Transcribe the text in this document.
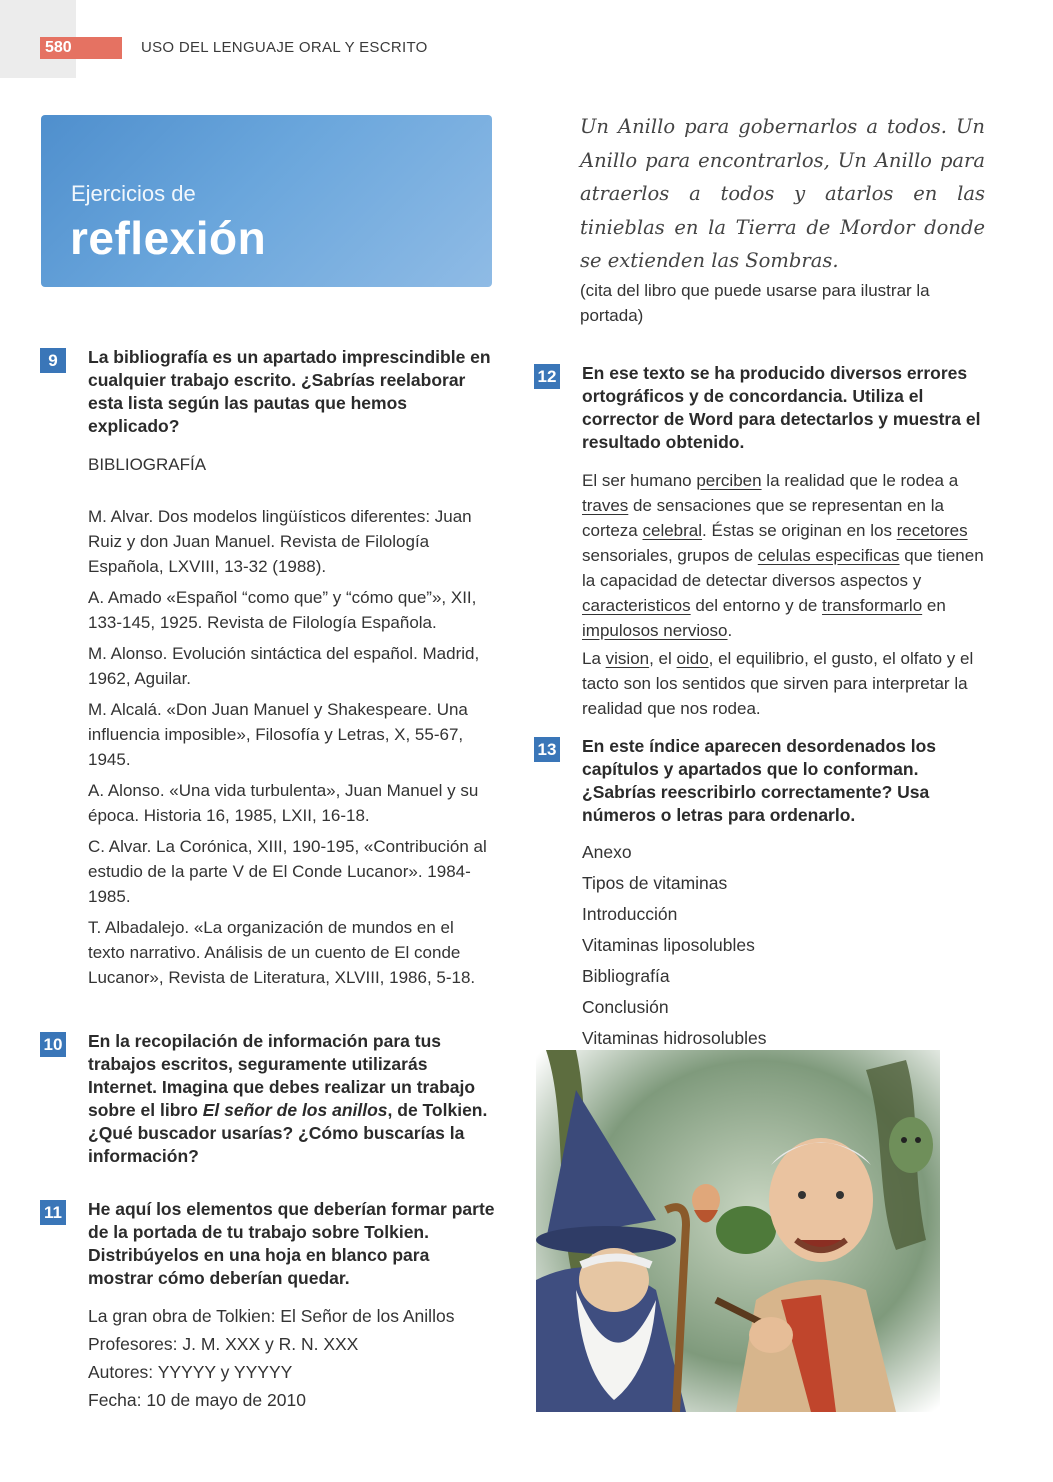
580	USO DEL LENGUAJE ORAL Y ESCRITO
Ejercicios de
reflexión
9	La bibliografía es un apartado imprescindible en cualquier trabajo escrito. ¿Sabrías reelaborar esta lista según las pautas que hemos explicado?
BIBLIOGRAFÍA

M. Alvar. Dos modelos lingüísticos diferentes: Juan Ruiz y don Juan Manuel. Revista de Filología Española, LXVIII, 13-32 (1988).

A. Amado «Español “como que” y “cómo que”», XII, 133-145, 1925. Revista de Filología Española.

M. Alonso. Evolución sintáctica del español. Madrid, 1962, Aguilar.

M. Alcalá. «Don Juan Manuel y Shakespeare. Una influencia imposible», Filosofía y Letras, X, 55-67, 1945.

A. Alonso. «Una vida turbulenta», Juan Manuel y su época. Historia 16, 1985, LXII, 16-18.

C. Alvar. La Corónica, XIII, 190-195, «Contribución al estudio de la parte V de El Conde Lucanor». 1984-1985.

T. Albadalejo. «La organización de mundos en el texto narrativo. Análisis de un cuento de El conde Lucanor», Revista de Literatura, XLVIII, 1986, 5-18.

10 En la recopilación de información para tus trabajos escritos, seguramente utilizarás Internet. Imagina que debes realizar un trabajo sobre el libro El señor de los anillos, de Tolkien. ¿Qué buscador usarías? ¿Cómo buscarías la información?
11 He aquí los elementos que deberían formar parte de la portada de tu trabajo sobre Tolkien. Distribúyelos en una hoja en blanco para mostrar cómo deberían quedar.
La gran obra de Tolkien: El Señor de los Anillos
Profesores: J. M. XXX y R. N. XXX
Autores: YYYYY y YYYYY
Fecha: 10 de mayo de 2010
Un Anillo para gobernarlos a todos. Un Anillo para encontrarlos, Un Anillo para atraerlos a todos y atarlos en las tinieblas en la Tierra de Mordor donde se extienden las Sombras.
(cita del libro que puede usarse para ilustrar la portada)
12 En ese texto se ha producido diversos errores ortográficos y de concordancia. Utiliza el corrector de Word para detectarlos y muestra el resultado obtenido.

El ser humano perciben la realidad que le rodea a traves de sensaciones que se representan en la corteza celebral. Éstas se originan en los recetores sensoriales, grupos de celulas especificas que tienen la capacidad de detectar diversos aspectos y caracteristicos del entorno y de transformarlo en impulosos nervioso.

La vision, el oido, el equilibrio, el gusto, el olfato y el tacto son los sentidos que sirven para interpretar la realidad que nos rodea.

13 En este índice aparecen desordenados los capítulos y apartados que lo conforman. ¿Sabrías reescribirlo correctamente? Usa números o letras para ordenarlo.
Anexo
Tipos de vitaminas
Introducción
Vitaminas liposolubles
Bibliografía
Conclusión
Vitaminas hidrosolubles
